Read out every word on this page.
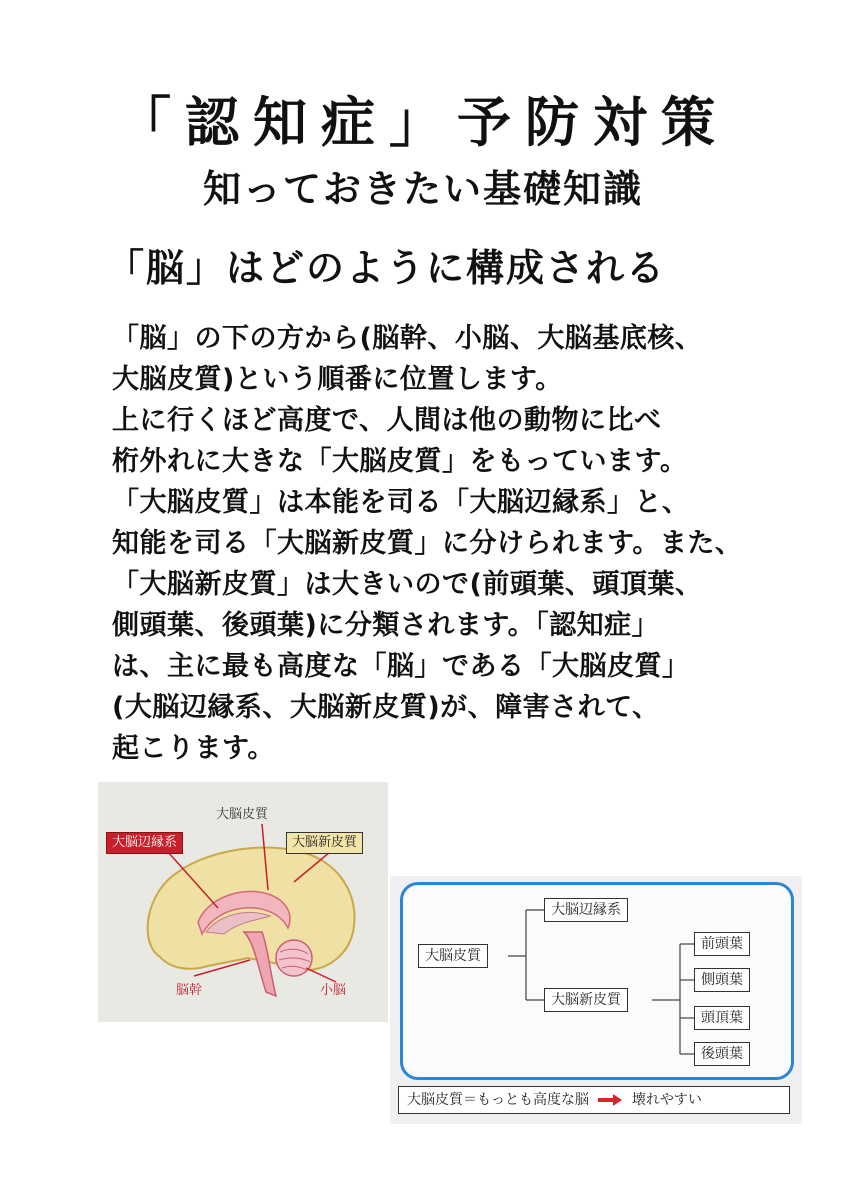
「認知症」予防対策
知っておきたい基礎知識
「脳」はどのように構成される
「脳」の下の方から(脳幹、小脳、大脳基底核、
大脳皮質)という順番に位置します。
上に行くほど高度で、人間は他の動物に比べ
桁外れに大きな「大脳皮質」をもっています。
「大脳皮質」は本能を司る「大脳辺縁系」と、
知能を司る「大脳新皮質」に分けられます。また、
「大脳新皮質」は大きいので(前頭葉、頭頂葉、
側頭葉、後頭葉)に分類されます。「認知症」
は、主に最も高度な「脳」である「大脳皮質」
(大脳辺縁系、大脳新皮質)が、障害されて、
起こります。
大脳皮質
大脳辺縁系	大脳新皮質
脳幹	小脳
大脳皮質
大脳辺縁系
大脳新皮質
前頭葉
側頭葉
頭頂葉
後頭葉
大脳皮質＝もっとも高度な脳	壊れやすい
